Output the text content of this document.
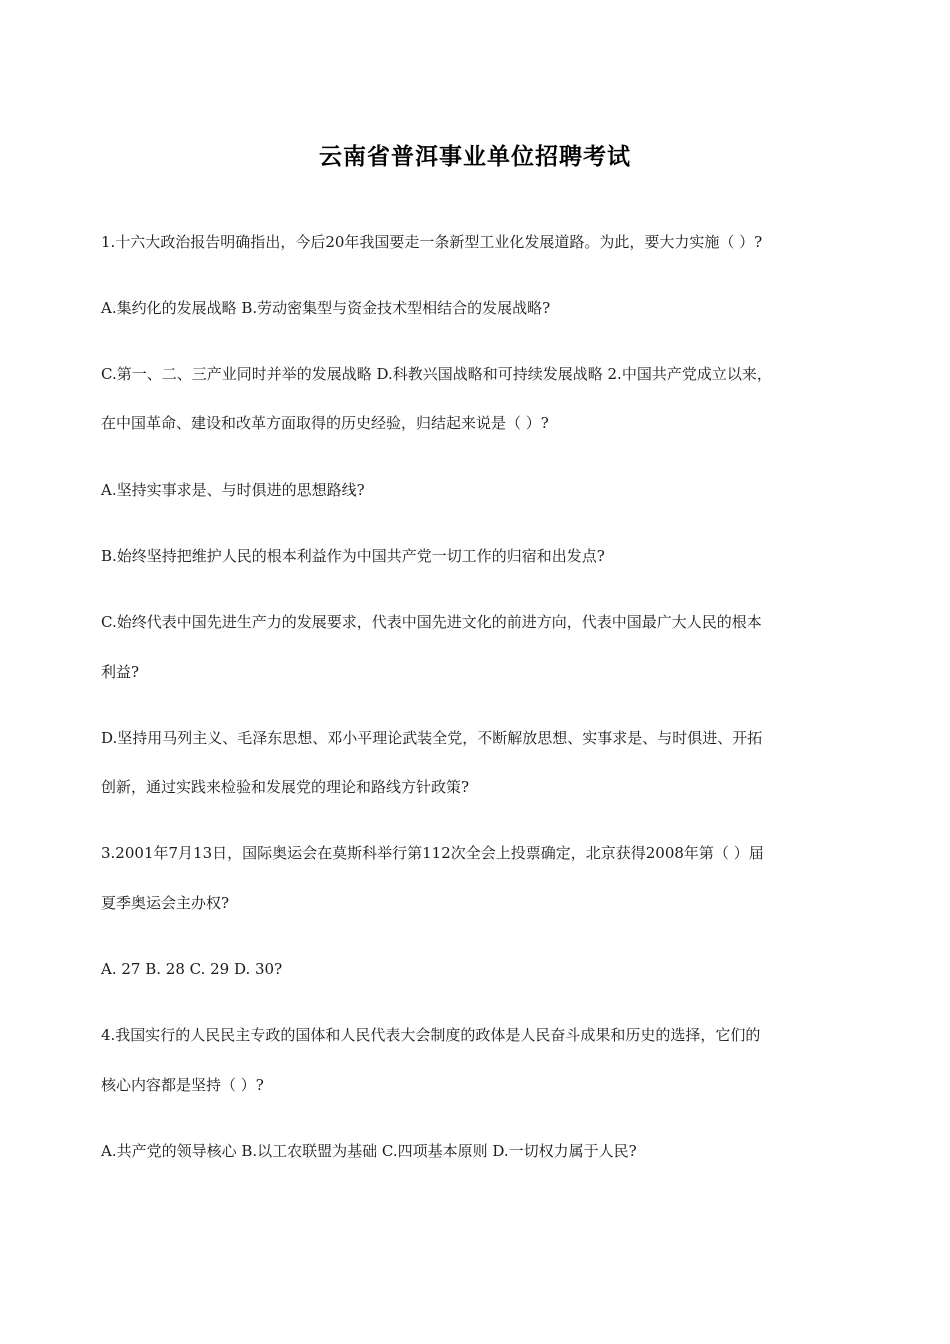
云南省普洱事业单位招聘考试
1.十六大政治报告明确指出，今后20年我国要走一条新型工业化发展道路。为此，要大力实施（ ）?
A.集约化的发展战略 B.劳动密集型与资金技术型相结合的发展战略?
C.第一、二、三产业同时并举的发展战略 D.科教兴国战略和可持续发展战略 2.中国共产党成立以来，
在中国革命、建设和改革方面取得的历史经验，归结起来说是（ ）?
A.坚持实事求是、与时俱进的思想路线?
B.始终坚持把维护人民的根本利益作为中国共产党一切工作的归宿和出发点?
C.始终代表中国先进生产力的发展要求，代表中国先进文化的前进方向，代表中国最广大人民的根本
利益?
D.坚持用马列主义、毛泽东思想、邓小平理论武装全党，不断解放思想、实事求是、与时俱进、开拓
创新，通过实践来检验和发展党的理论和路线方针政策?
3.2001年7月13日，国际奥运会在莫斯科举行第112次全会上投票确定，北京获得2008年第（ ）届
夏季奥运会主办权?
A. 27 B. 28 C. 29 D. 30?
4.我国实行的人民民主专政的国体和人民代表大会制度的政体是人民奋斗成果和历史的选择，它们的
核心内容都是坚持（ ）?
A.共产党的领导核心 B.以工农联盟为基础 C.四项基本原则 D.一切权力属于人民?
